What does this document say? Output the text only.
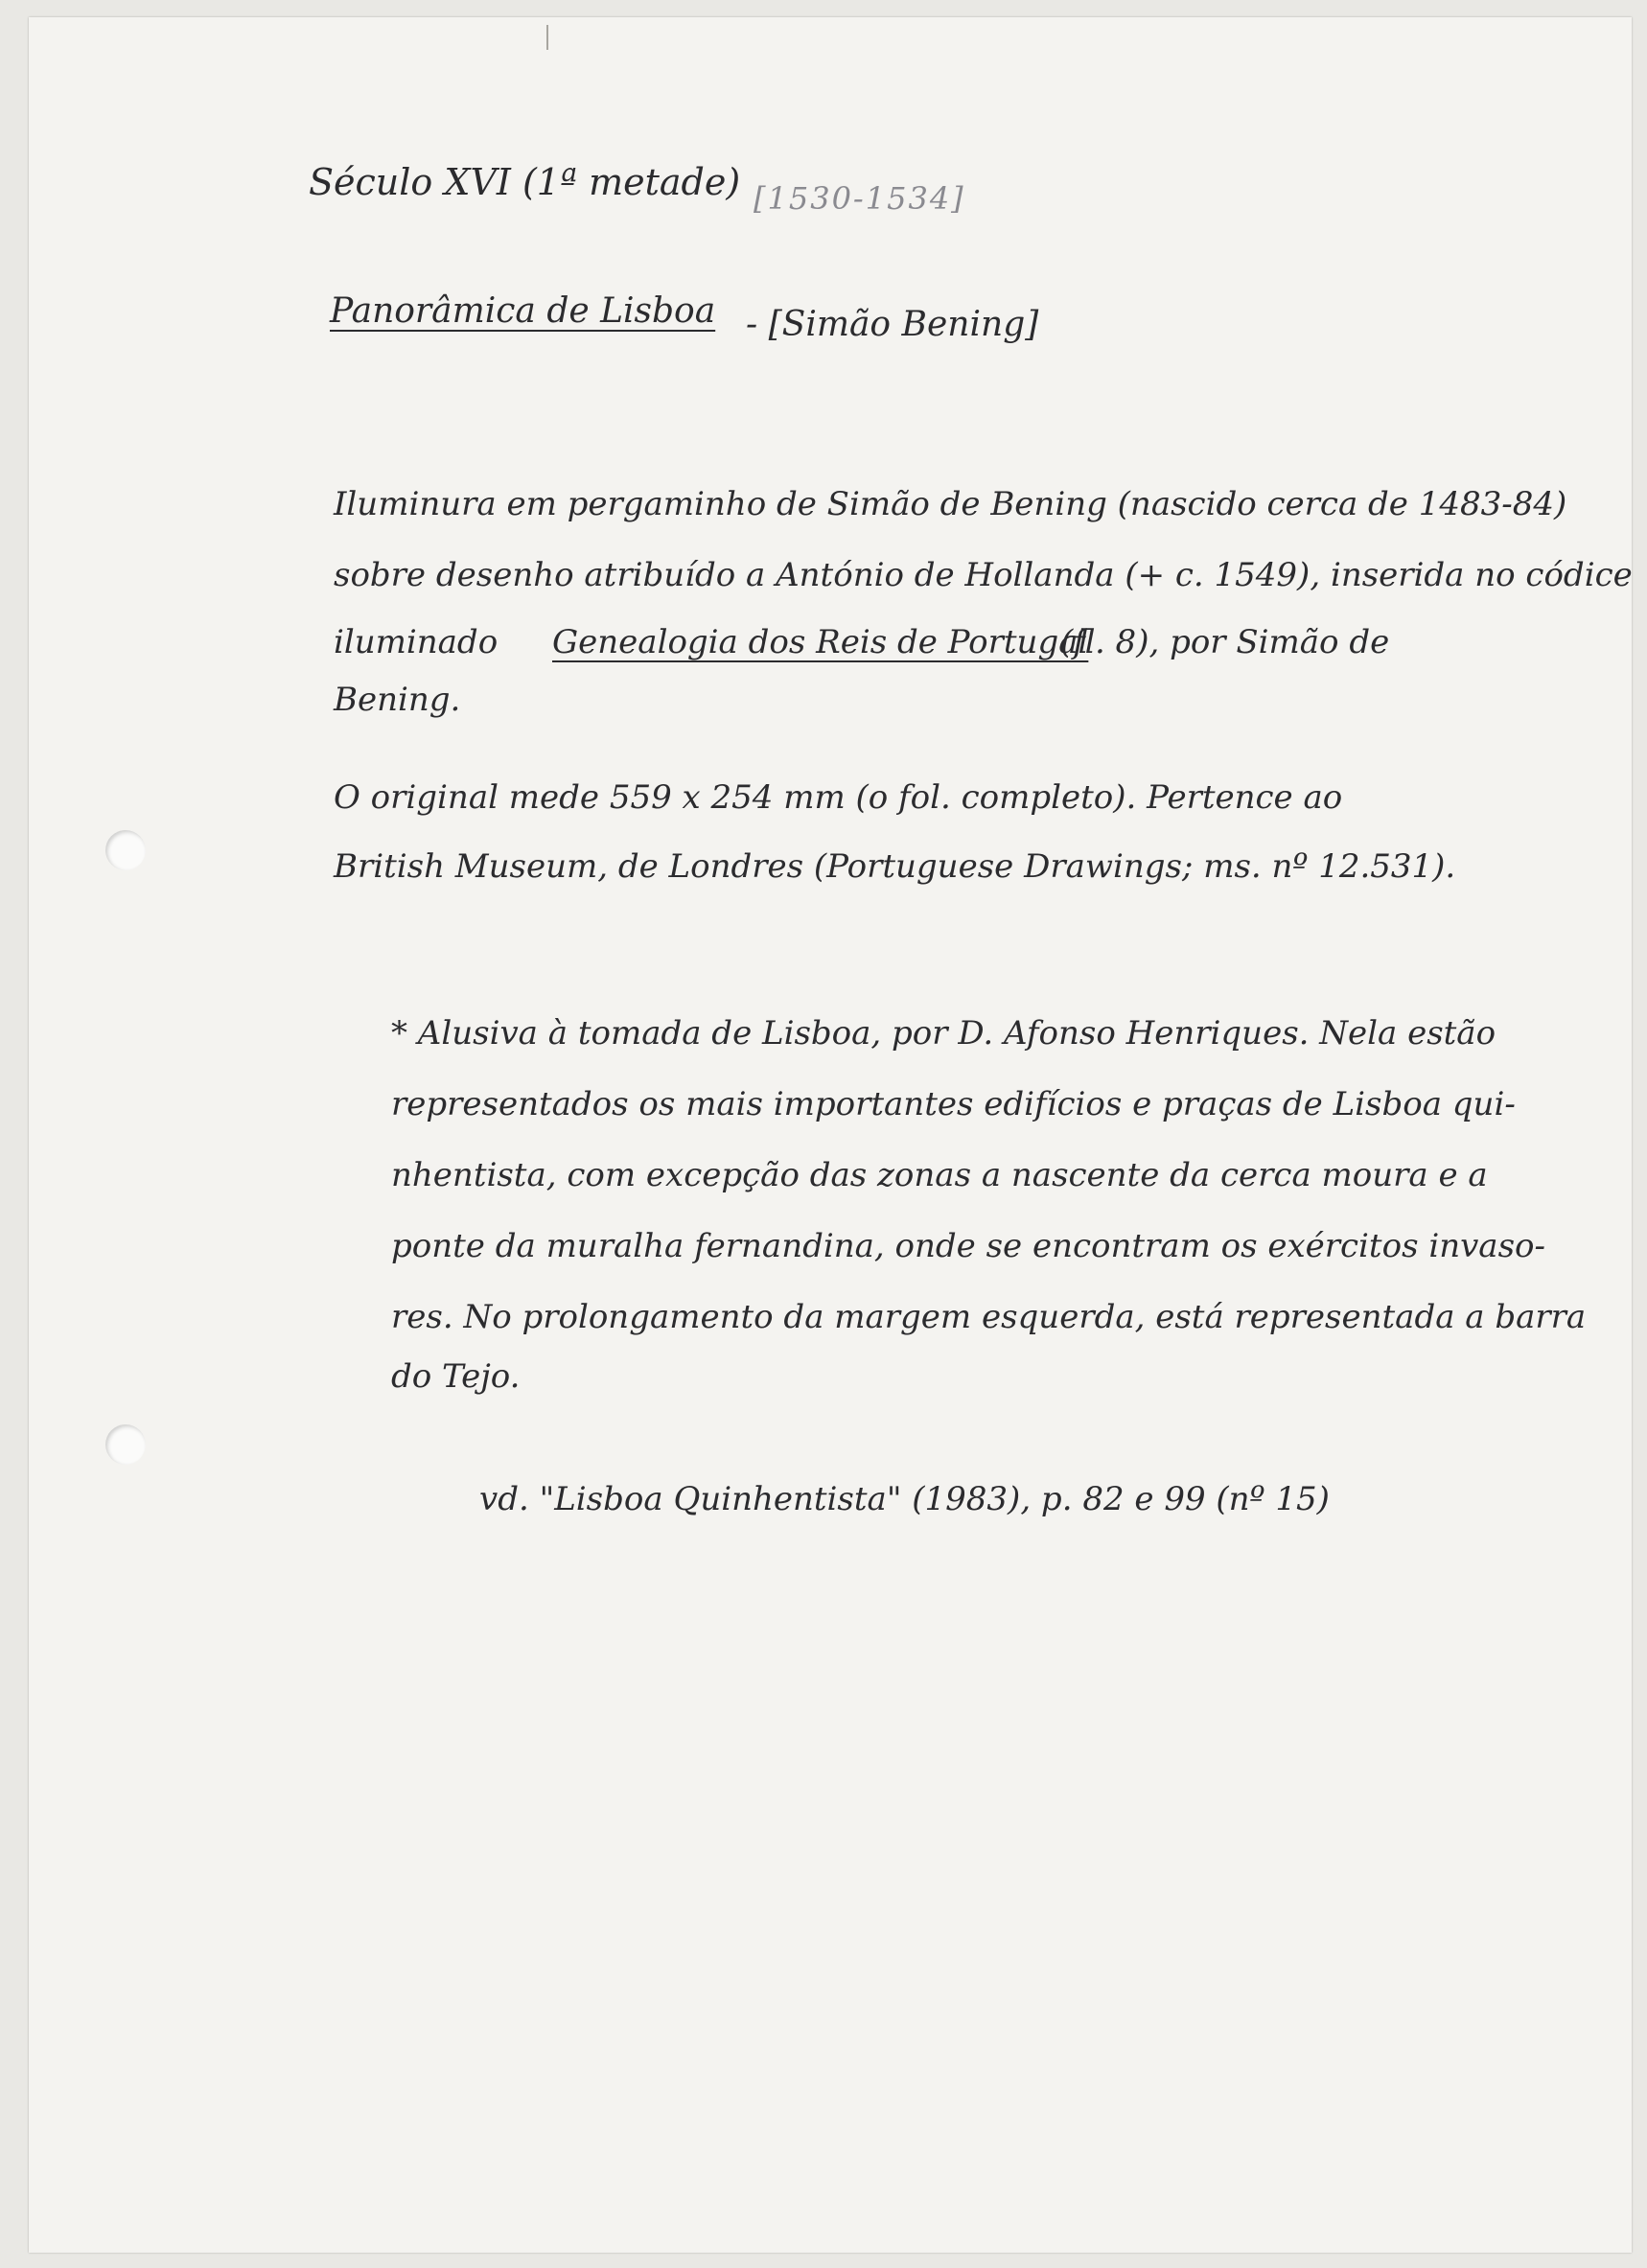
Século XVI (1ª metade) [1530-1534]

Panorâmica de Lisboa - [Simão Bening]

Iluminura em pergaminho de Simão de Bening (nascido cerca de 1483-84)

sobre desenho atribuído a António de Hollanda (+ c. 1549), inserida no códice

iluminado Genealogia dos Reis de Portugal

(fl. 8), por Simão de

Bening.

O original mede 559 x 254 mm (o fol. completo). Pertence ao

British Museum, de Londres (Portuguese Drawings; ms. nº 12.531).

* Alusiva à tomada de Lisboa, por D. Afonso Henriques. Nela estão

representados os mais importantes edifícios e praças de Lisboa qui-

nhentista, com excepção das zonas a nascente da cerca moura e a

ponte da muralha fernandina, onde se encontram os exércitos invaso-

res. No prolongamento da margem esquerda, está representada a barra

do Tejo.

vd. "Lisboa Quinhentista" (1983), p. 82 e 99 (nº 15)
